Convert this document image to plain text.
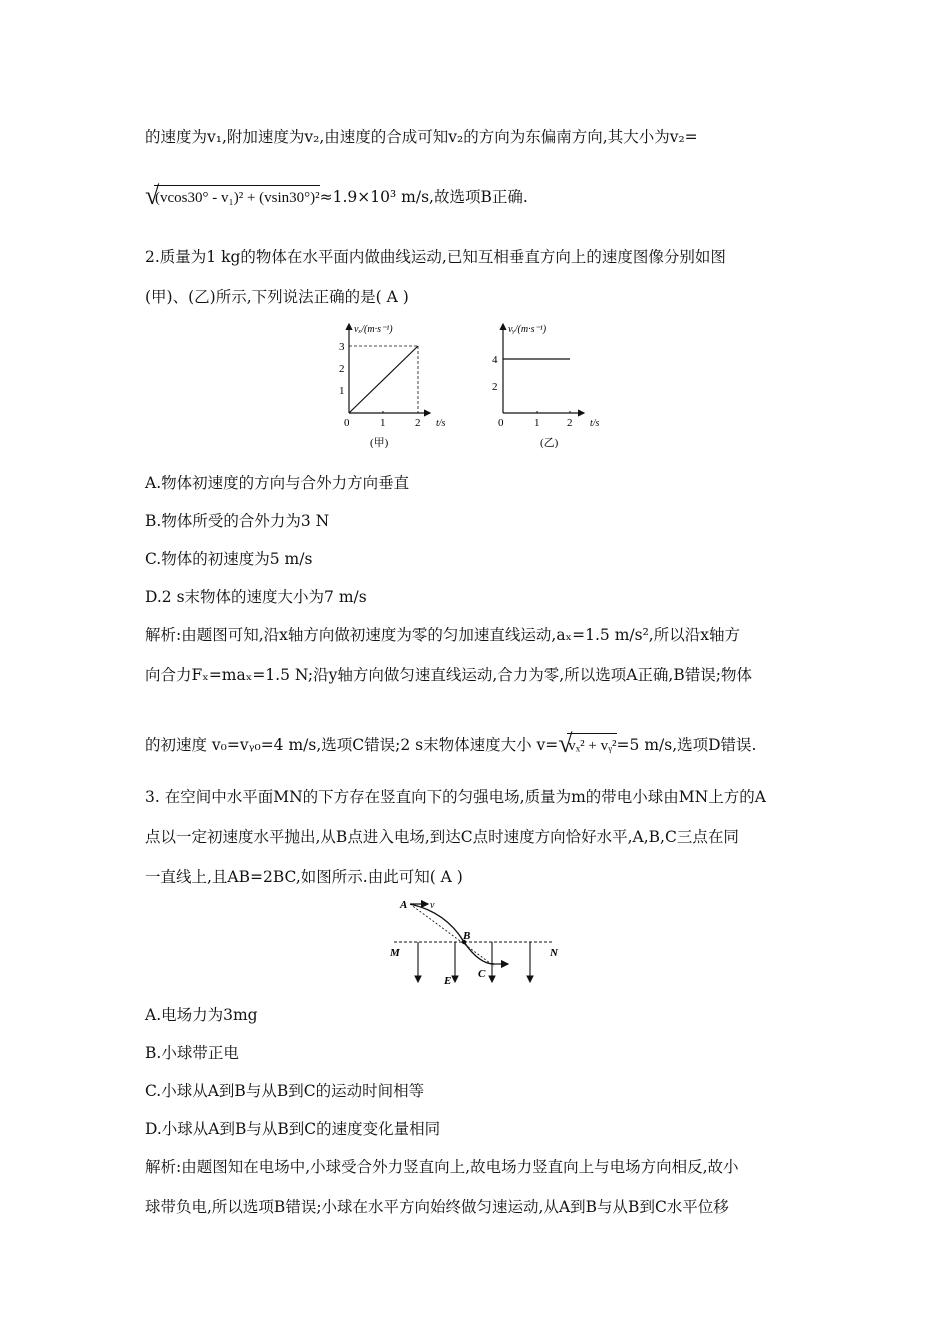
的速度为v₁,附加速度为v₂,由速度的合成可知v₂的方向为东偏南方向,其大小为v₂=
√
(vcos30° - v₁)² + (vsin30°)²≈1.9×10³ m/s,故选项B正确.
2.质量为1 kg的物体在水平面内做曲线运动,已知互相垂直方向上的速度图像分别如图
(甲)、(乙)所示,下列说法正确的是( A )
vₓ/(m·s⁻¹)
t/s
1
2
3
0	1	2
(甲)
vᵧ/(m·s⁻¹)
t/s
2
4
0	1	2
(乙)
A.物体初速度的方向与合外力方向垂直
B.物体所受的合外力为3 N
C.物体的初速度为5 m/s
D.2 s末物体的速度大小为7 m/s
解析:由题图可知,沿x轴方向做初速度为零的匀加速直线运动,aₓ=1.5 m/s²,所以沿x轴方
向合力Fₓ=maₓ=1.5 N;沿y轴方向做匀速直线运动,合力为零,所以选项A正确,B错误;物体
的初速度 v₀=vᵧ₀=4 m/s,选项C错误;2 s末物体速度大小 v= √
vₓ² + vᵧ²=5 m/s,选项D错误.
3. 在空间中水平面MN的下方存在竖直向下的匀强电场,质量为m的带电小球由MN上方的A
点以一定初速度水平抛出,从B点进入电场,到达C点时速度方向恰好水平,A,B,C三点在同
一直线上,且AB=2BC,如图所示.由此可知( A )
A v
B
C
M	N
E
A.电场力为3mg
B.小球带正电
C.小球从A到B与从B到C的运动时间相等
D.小球从A到B与从B到C的速度变化量相同
解析:由题图知在电场中,小球受合外力竖直向上,故电场力竖直向上与电场方向相反,故小
球带负电,所以选项B错误;小球在水平方向始终做匀速运动,从A到B与从B到C水平位移
